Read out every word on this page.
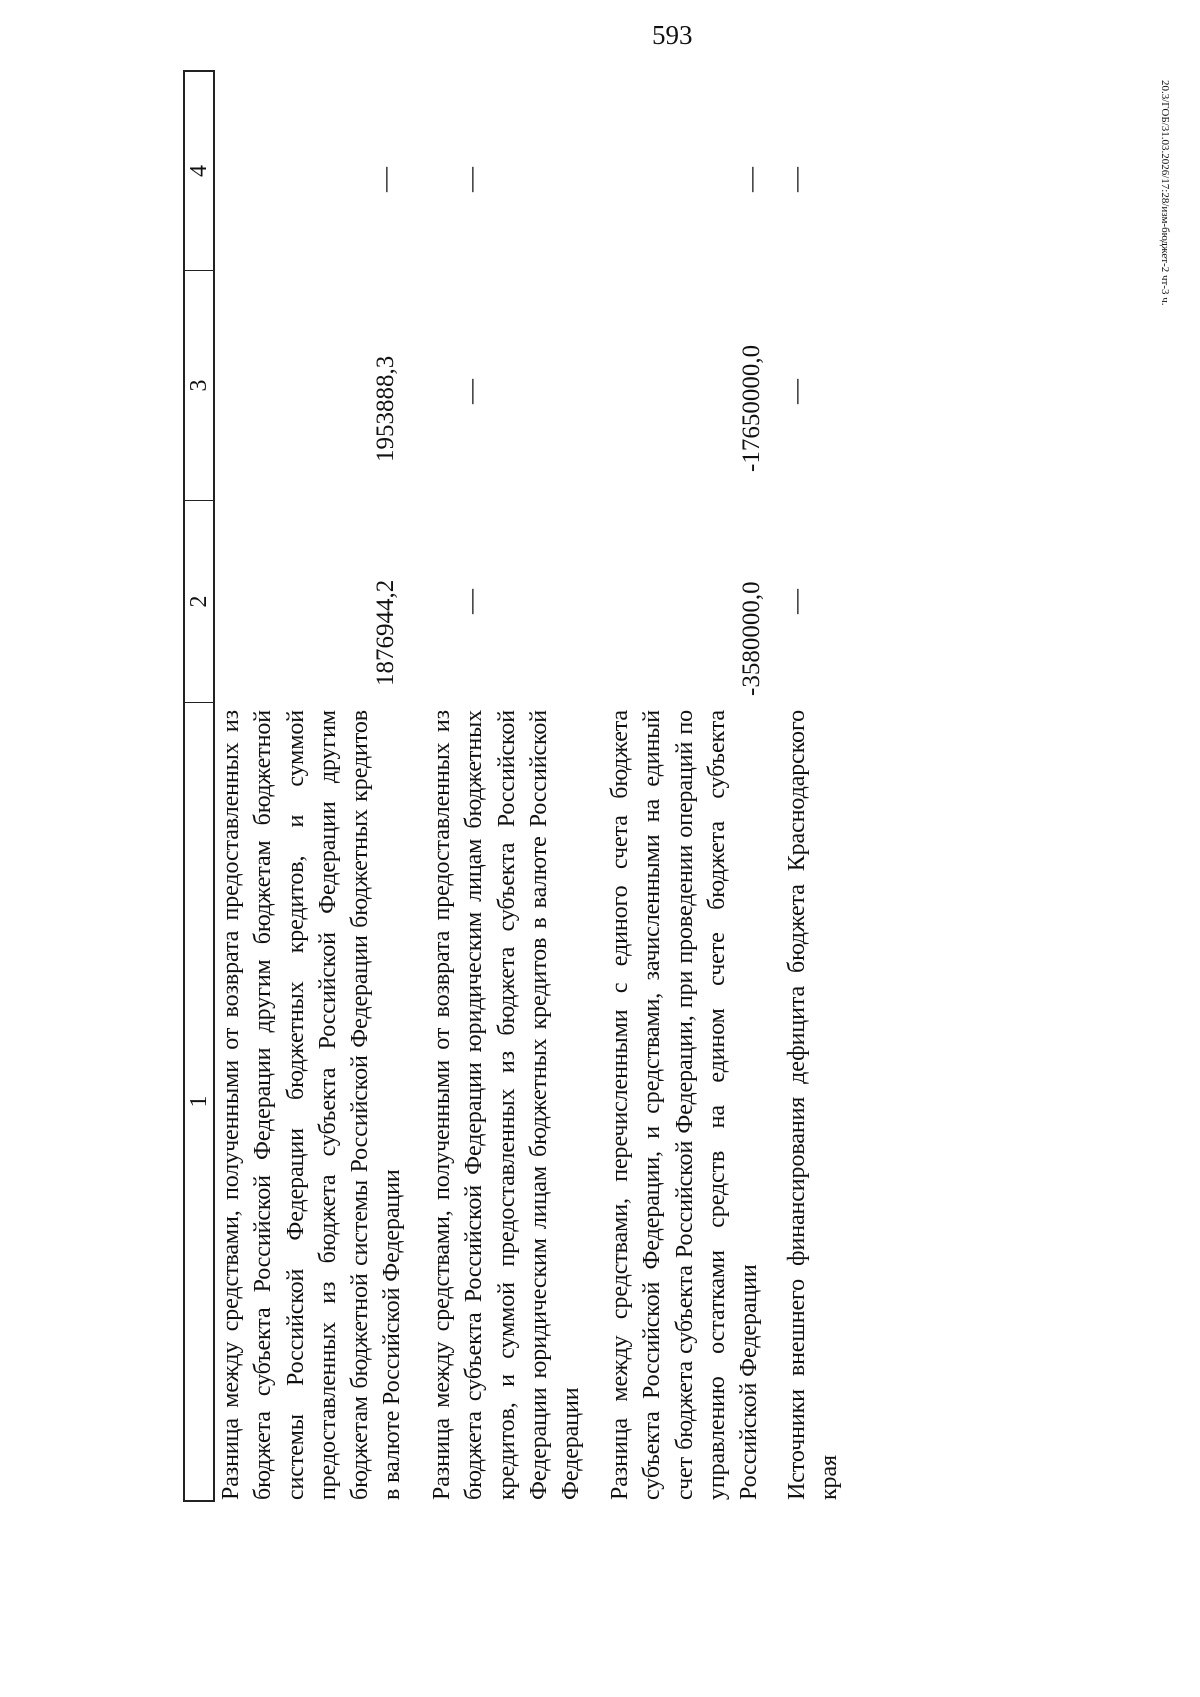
593
20.3/ГОБ/31.03.2026/17:28/изм-бюджет-2 чт-3 ч.
1
2
3
4
Разница между средствами, полученными от возврата предоставленных из бюджета субъекта Российской Федерации другим бюджетам бюджетной системы Российской Федерации бюджетных кредитов, и суммой предоставленных из бюджета субъекта Российской Федерации другим бюджетам бюджетной системы Российской Федерации бюджетных кредитов в валюте Российской Федерации
1876944,2
1953888,3
—
Разница между средствами, полученными от возврата предоставленных из бюджета субъекта Российской Федерации юридическим лицам бюджетных кредитов, и суммой предоставленных из бюджета субъекта Российской Федерации юридическим лицам бюджетных кредитов в валюте Российской Федерации
—
—
—
Разница между средствами, перечисленными с единого счета бюджета субъекта Российской Федерации, и средствами, зачисленными на единый счет бюджета субъекта Российской Федерации, при проведении операций по управлению остатками средств на едином счете бюджета субъекта Российской Федерации
-3580000,0
-17650000,0
—
Источники внешнего финансирования дефицита бюджета Краснодарского края
—
—
—
